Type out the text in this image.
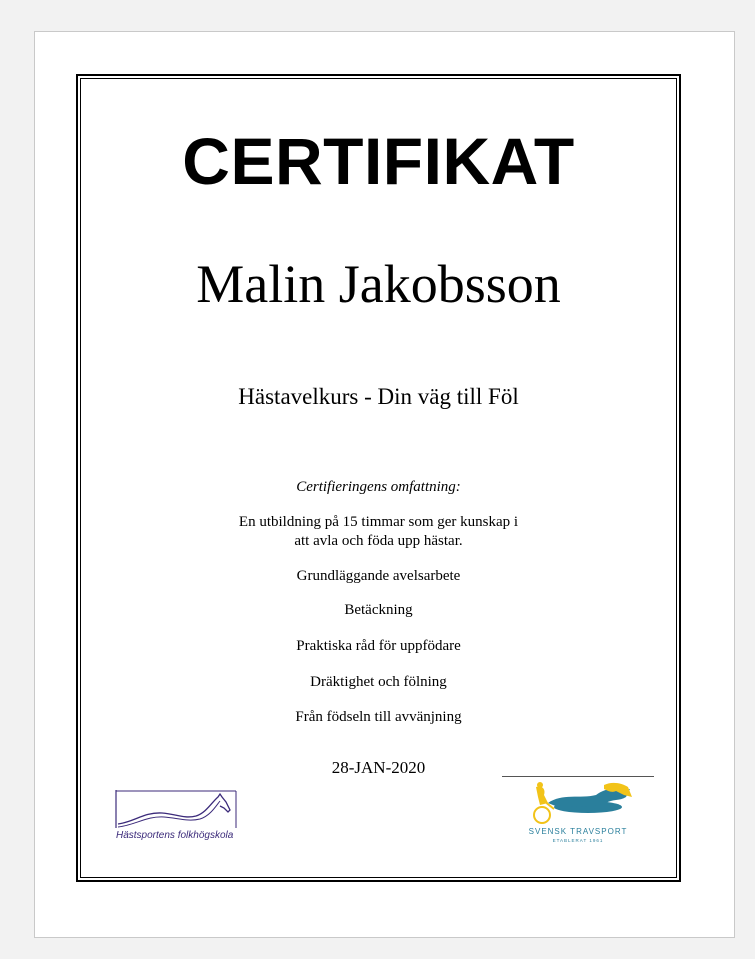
CERTIFIKAT
Malin Jakobsson
Hästavelkurs - Din väg till Föl
Certifieringens omfattning:
En utbildning på 15 timmar som ger kunskap i
att avla och föda upp hästar.
Grundläggande avelsarbete
Betäckning
Praktiska råd för uppfödare
Dräktighet och fölning
Från födseln till avvänjning
28-JAN-2020
Hästsportens folkhögskola	SVENSK TRAVSPORT
ETABLERAT 1961
